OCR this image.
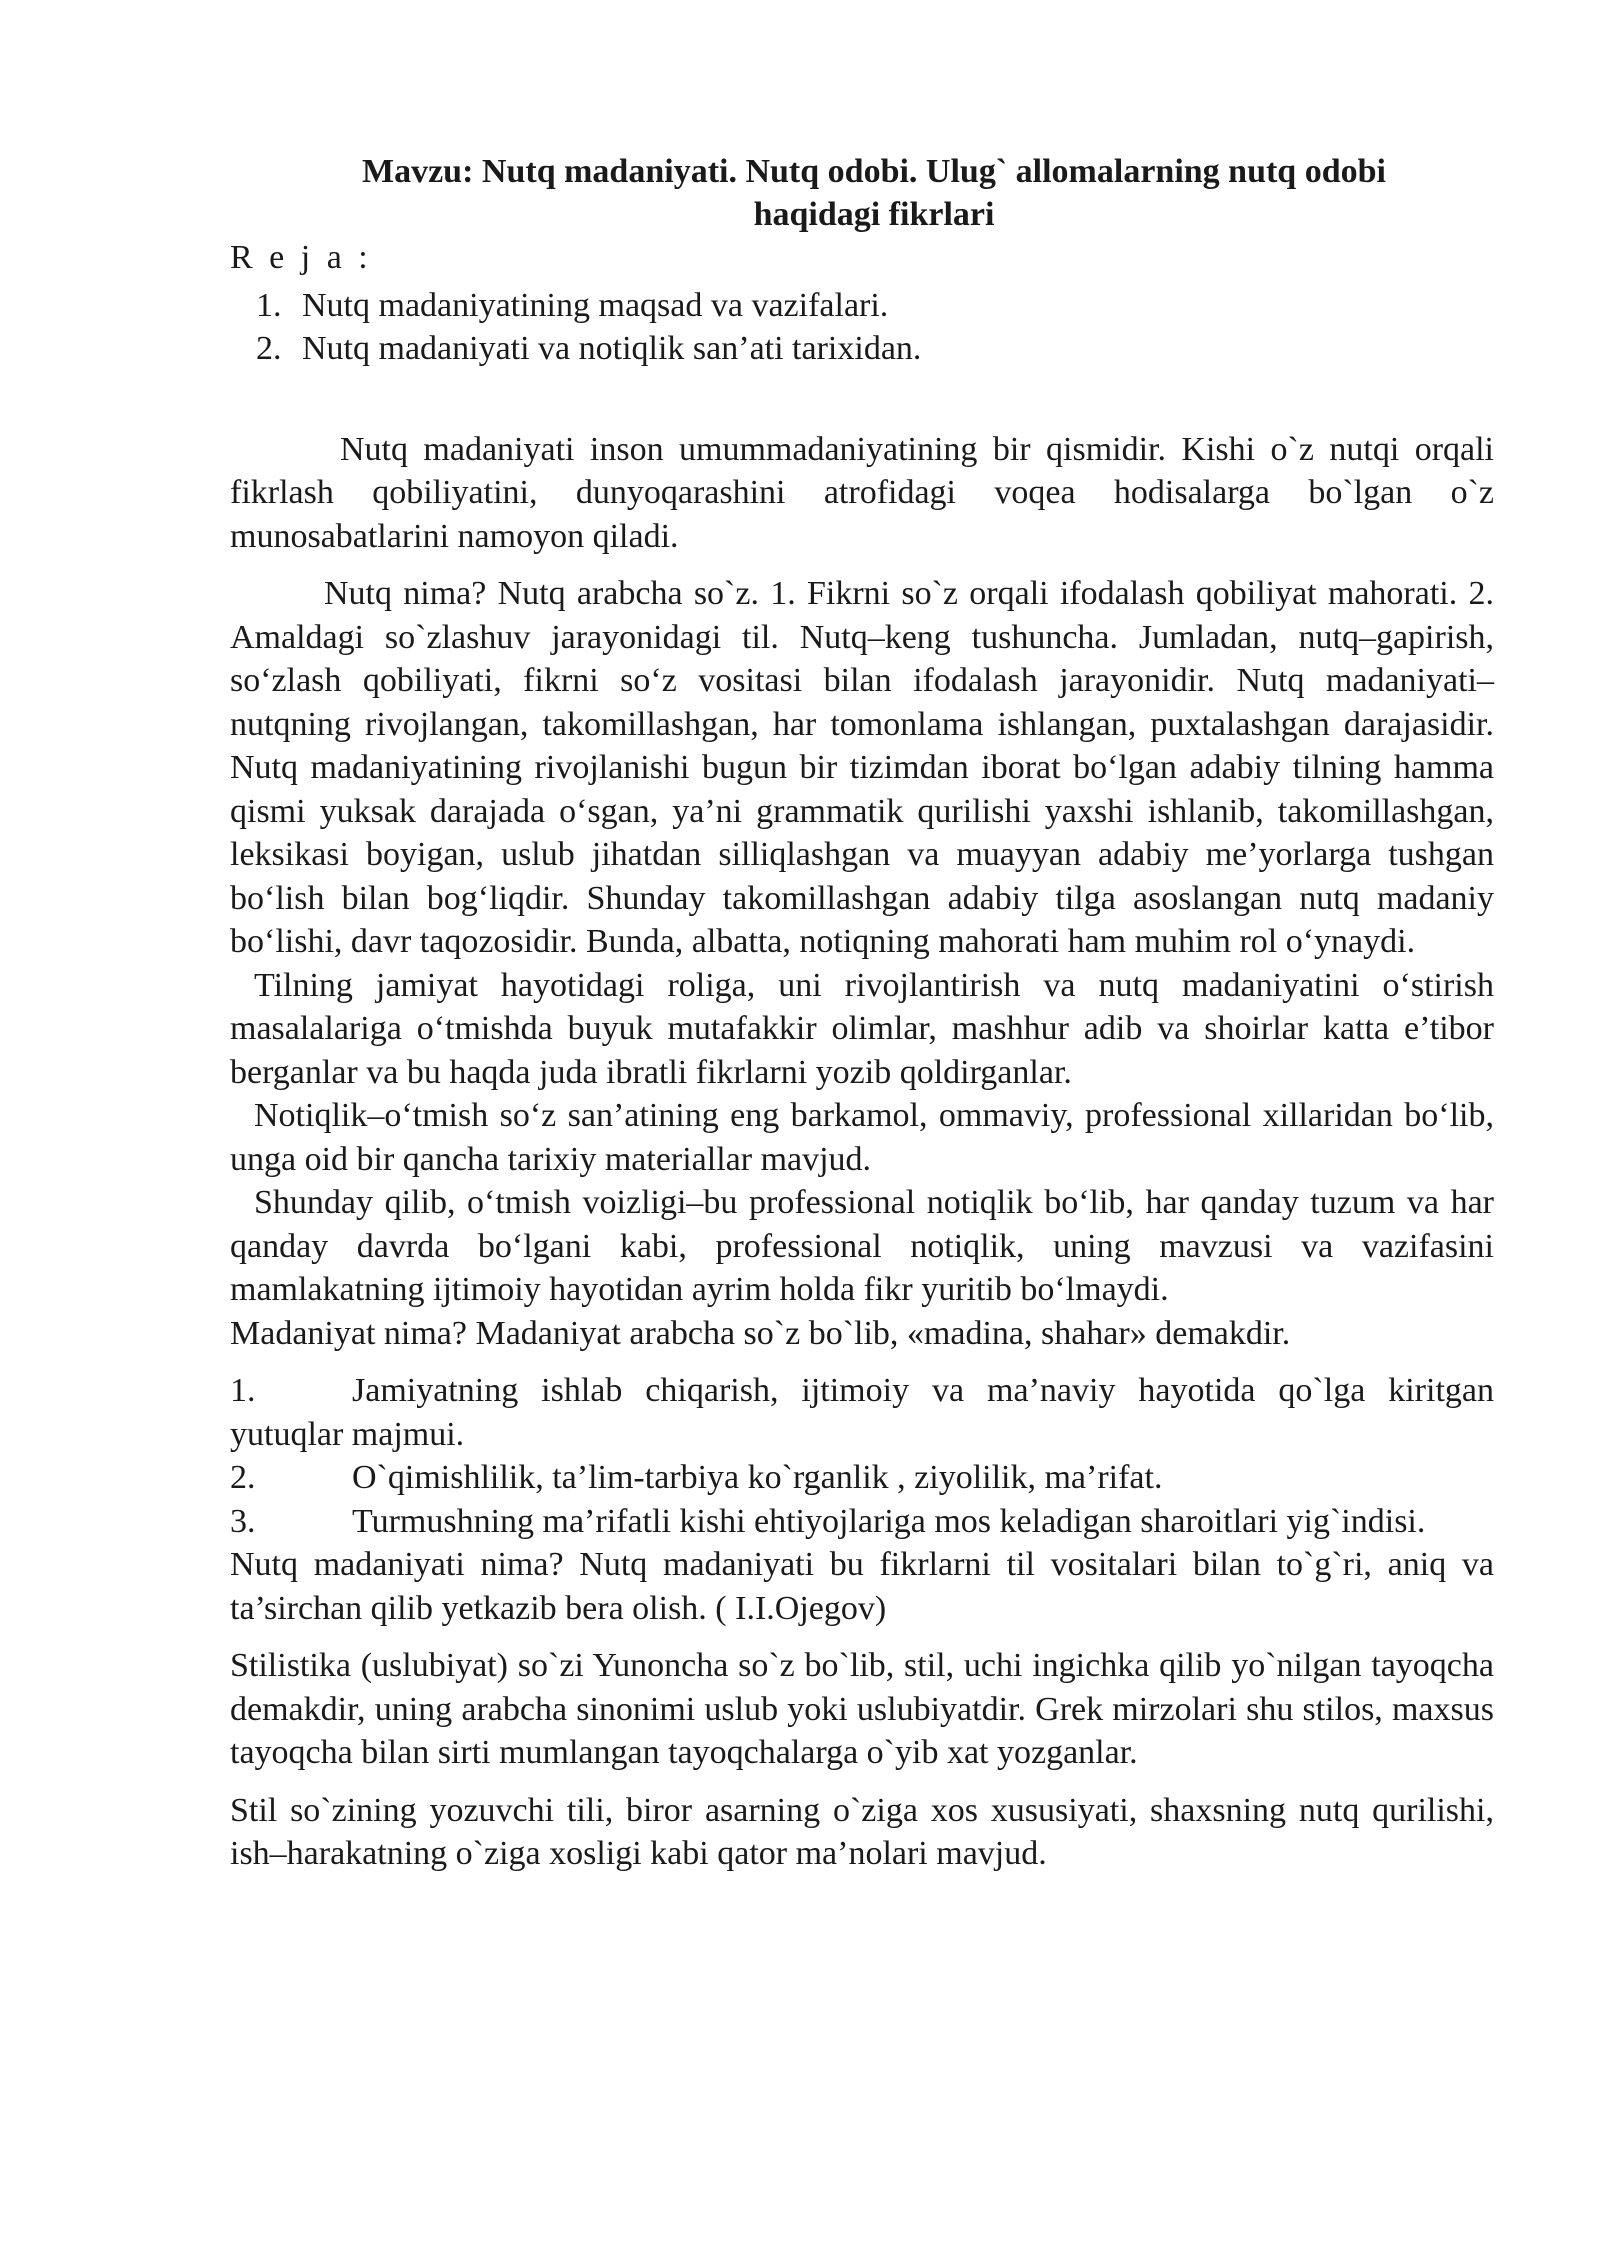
Mavzu: Nutq madaniyati. Nutq odobi. Ulug` allomalarning nutq odobi
haqidagi fikrlari

R e j a :

1. Nutq madaniyatining maqsad va vazifalari.
2. Nutq madaniyati va notiqlik san’ati tarixidan.

Nutq madaniyati inson umummadaniyatining bir qismidir. Kishi o`z nutqi orqali fikrlash qobiliyatini, dunyoqarashini atrofidagi voqea hodisalarga bo`lgan o`z munosabatlarini namoyon qiladi.

Nutq nima? Nutq arabcha so`z. 1. Fikrni so`z orqali ifodalash qobiliyat mahorati. 2. Amaldagi so`zlashuv jarayonidagi til. Nutq–keng tushuncha. Jumladan, nutq–gapirish, so‘zlash qobiliyati, fikrni so‘z vositasi bilan ifodalash jarayonidir. Nutq madaniyati–nutqning rivojlangan, takomillashgan, har tomonlama ishlangan, puxtalashgan darajasidir. Nutq madaniyatining rivojlanishi bugun bir tizimdan iborat bo‘lgan adabiy tilning hamma qismi yuksak darajada o‘sgan, ya’ni grammatik qurilishi yaxshi ishlanib, takomillashgan, leksikasi boyigan, uslub jihatdan silliqlashgan va muayyan adabiy me’yorlarga tushgan bo‘lish bilan bog‘liqdir. Shunday takomillashgan adabiy tilga asoslangan nutq madaniy bo‘lishi, davr taqozosidir. Bunda, albatta, notiqning mahorati ham muhim rol o‘ynaydi.

Tilning jamiyat hayotidagi roliga, uni rivojlantirish va nutq madaniyatini o‘stirish masalalariga o‘tmishda buyuk mutafakkir olimlar, mashhur adib va shoirlar katta e’tibor berganlar va bu haqda juda ibratli fikrlarni yozib qoldirganlar.

Notiqlik–o‘tmish so‘z san’atining eng barkamol, ommaviy, professional xillaridan bo‘lib, unga oid bir qancha tarixiy materiallar mavjud.

Shunday qilib, o‘tmish voizligi–bu professional notiqlik bo‘lib, har qanday tuzum va har qanday davrda bo‘lgani kabi, professional notiqlik, uning mavzusi va vazifasini mamlakatning ijtimoiy hayotidan ayrim holda fikr yuritib bo‘lmaydi.

Madaniyat nima? Madaniyat arabcha so`z bo`lib, «madina, shahar» demakdir.

1.	Jamiyatning ishlab chiqarish, ijtimoiy va ma’naviy hayotida qo`lga kiritgan yutuqlar majmui.

2.	O`qimishlilik, ta’lim-tarbiya ko`rganlik , ziyolilik, ma’rifat.

3.	Turmushning ma’rifatli kishi ehtiyojlariga mos keladigan sharoitlari yig`indisi.

Nutq madaniyati nima? Nutq madaniyati bu fikrlarni til vositalari bilan to`g`ri, aniq va ta’sirchan qilib yetkazib bera olish. ( I.I.Ojegov)

Stilistika (uslubiyat) so`zi Yunoncha so`z bo`lib, stil, uchi ingichka qilib yo`nilgan tayoqcha demakdir, uning arabcha sinonimi uslub yoki uslubiyatdir. Grek mirzolari shu stilos, maxsus tayoqcha bilan sirti mumlangan tayoqchalarga o`yib xat yozganlar.

Stil so`zining yozuvchi tili, biror asarning o`ziga xos xususiyati, shaxsning nutq qurilishi, ish–harakatning o`ziga xosligi kabi qator ma’nolari mavjud.
